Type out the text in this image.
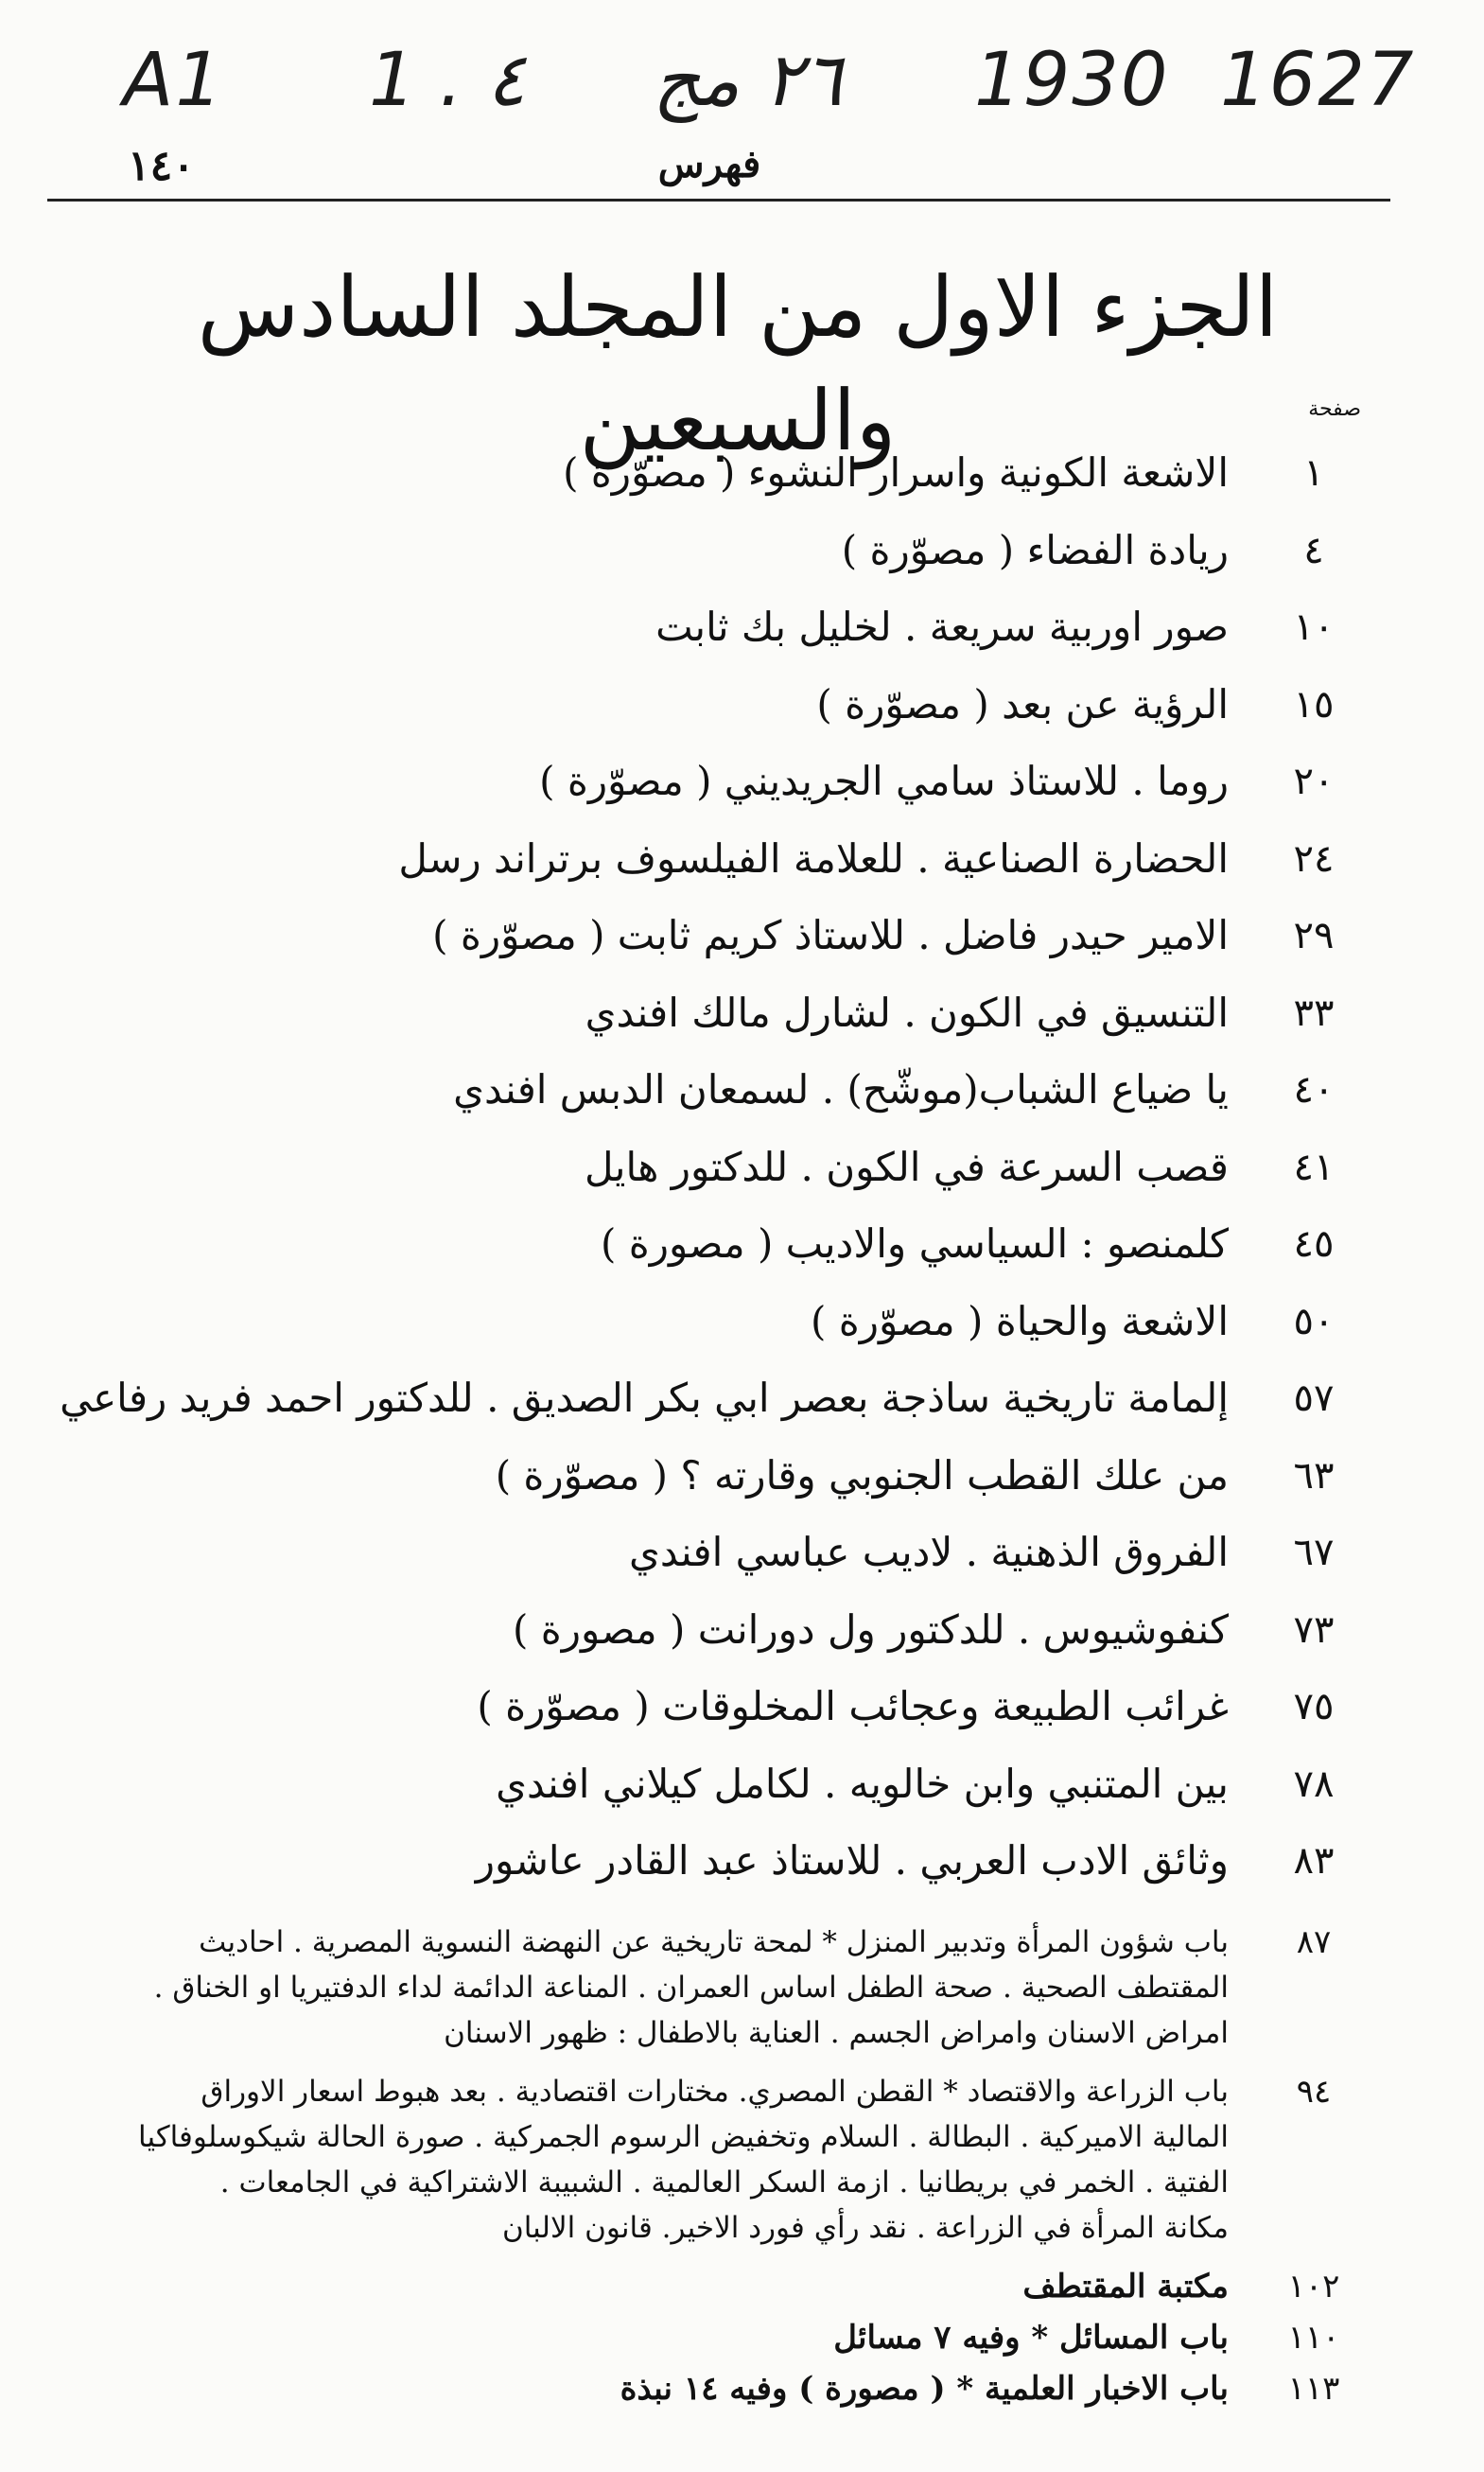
A1 1 . ٤ ٢٦ مج 1930 1627
١٤٠	فهرس
الجزء الاول من المجلد السادس والسبعين	صفحة
١
الاشعة الكونية واسرار النشوء ( مصوّرة )
٤
ريادة الفضاء ( مصوّرة )
١٠
صور اوربية سريعة . لخليل بك ثابت
١٥
الرؤية عن بعد ( مصوّرة )
٢٠
روما . للاستاذ سامي الجريديني ( مصوّرة )
٢٤
الحضارة الصناعية . للعلامة الفيلسوف برتراند رسل
٢٩
الامير حيدر فاضل . للاستاذ كريم ثابت ( مصوّرة )
٣٣
التنسيق في الكون . لشارل مالك افندي
٤٠
يا ضياع الشباب(موشّح) . لسمعان الدبس افندي
٤١
قصب السرعة في الكون . للدكتور هايل
٤٥
كلمنصو : السياسي والاديب ( مصورة )
٥٠
الاشعة والحياة ( مصوّرة )
٥٧
إلمامة تاريخية ساذجة بعصر ابي بكر الصديق . للدكتور احمد فريد رفاعي
٦٣
من علك القطب الجنوبي وقارته ؟ ( مصوّرة )
٦٧
الفروق الذهنية . لاديب عباسي افندي
٧٣
كنفوشيوس . للدكتور ول دورانت ( مصورة )
٧٥
غرائب الطبيعة وعجائب المخلوقات ( مصوّرة )
٧٨
بين المتنبي وابن خالويه . لكامل كيلاني افندي
٨٣
وثائق الادب العربي . للاستاذ عبد القادر عاشور
٨٧
باب شؤون المرأة وتدبير المنزل * لمحة تاريخية عن النهضة النسوية المصرية . احاديث
المقتطف الصحية . صحة الطفل اساس العمران . المناعة الدائمة لداء الدفتيريا او الخناق .
امراض الاسنان وامراض الجسم . العناية بالاطفال : ظهور الاسنان
٩٤
باب الزراعة والاقتصاد * القطن المصري. مختارات اقتصادية . بعد هبوط اسعار الاوراق
المالية الاميركية . البطالة . السلام وتخفيض الرسوم الجمركية . صورة الحالة شيكوسلوفاكيا
الفتية . الخمر في بريطانيا . ازمة السكر العالمية . الشبيبة الاشتراكية في الجامعات .
مكانة المرأة في الزراعة . نقد رأي فورد الاخير. قانون الالبان
١٠٢
مكتبة المقتطف
١١٠
باب المسائل * وفيه ٧ مسائل
١١٣
باب الاخبار العلمية * ( مصورة ) وفيه ١٤ نبذة
